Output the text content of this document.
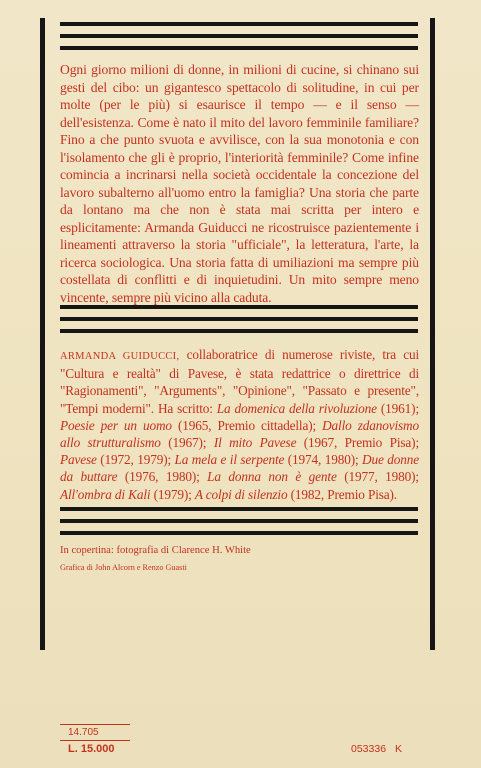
Ogni giorno milioni di donne, in milioni di cucine, si chinano sui gesti del cibo: un gigantesco spettacolo di solitudine, in cui per molte (per le più) si esaurisce il tempo — e il senso — dell'esistenza. Come è nato il mito del lavoro femminile familiare? Fino a che punto svuota e avvilisce, con la sua monotonia e con l'isolamento che gli è proprio, l'interiorità femminile? Come infine comincia a incrinarsi nella società occidentale la concezione del lavoro subalterno all'uomo entro la famiglia? Una storia che parte da lontano ma che non è stata mai scritta per intero e esplicitamente: Armanda Guiducci ne ricostruisce pazientemente i lineamenti attraverso la storia "ufficiale", la letteratura, l'arte, la ricerca sociologica. Una storia fatta di umiliazioni ma sempre più costellata di conflitti e di inquietudini. Un mito sempre meno vincente, sempre più vicino alla caduta.

ARMANDA GUIDUCCI, collaboratrice di numerose riviste, tra cui "Cultura e realtà" di Pavese, è stata redattrice o direttrice di "Ragionamenti", "Arguments", "Opinione", "Passato e presente", "Tempi moderni". Ha scritto: La domenica della rivoluzione (1961); Poesie per un uomo (1965, Premio cittadella); Dallo zdanovismo allo strutturalismo (1967); Il mito Pavese (1967, Premio Pisa); Pavese (1972, 1979); La mela e il serpente (1974, 1980); Due donne da buttare (1976, 1980); La donna non è gente (1977, 1980); All'ombra di Kali (1979); A colpi di silenzio (1982, Premio Pisa).

In copertina: fotografia di Clarence H. White

Grafica di John Alcorn e Renzo Guasti

14.705

L. 15.000	053336 K
